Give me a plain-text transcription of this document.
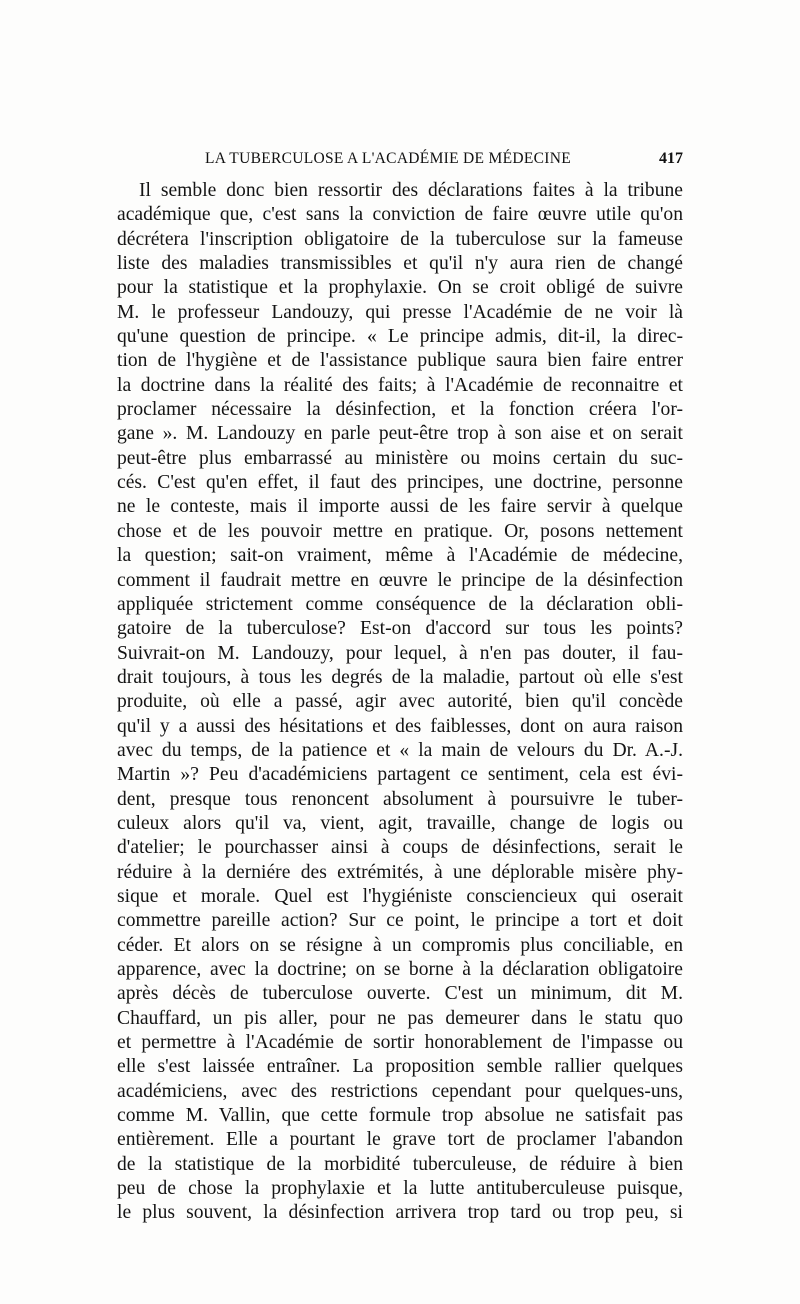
LA TUBERCULOSE A L'ACADÉMIE DE MÉDECINE	417
Il semble donc bien ressortir des déclarations faites à la tribune
académique que, c'est sans la conviction de faire œuvre utile qu'on
décrétera l'inscription obligatoire de la tuberculose sur la fameuse
liste des maladies transmissibles et qu'il n'y aura rien de changé
pour la statistique et la prophylaxie. On se croit obligé de suivre
M. le professeur Landouzy, qui presse l'Académie de ne voir là
qu'une question de principe. « Le principe admis, dit-il, la direc-
tion de l'hygiène et de l'assistance publique saura bien faire entrer
la doctrine dans la réalité des faits; à l'Académie de reconnaitre et
proclamer nécessaire la désinfection, et la fonction créera l'or-
gane ». M. Landouzy en parle peut-être trop à son aise et on serait
peut-être plus embarrassé au ministère ou moins certain du suc-
cés. C'est qu'en effet, il faut des principes, une doctrine, personne
ne le conteste, mais il importe aussi de les faire servir à quelque
chose et de les pouvoir mettre en pratique. Or, posons nettement
la question; sait-on vraiment, même à l'Académie de médecine,
comment il faudrait mettre en œuvre le principe de la désinfection
appliquée strictement comme conséquence de la déclaration obli-
gatoire de la tuberculose? Est-on d'accord sur tous les points?
Suivrait-on M. Landouzy, pour lequel, à n'en pas douter, il fau-
drait toujours, à tous les degrés de la maladie, partout où elle s'est
produite, où elle a passé, agir avec autorité, bien qu'il concède
qu'il y a aussi des hésitations et des faiblesses, dont on aura raison
avec du temps, de la patience et « la main de velours du Dr. A.-J.
Martin »? Peu d'académiciens partagent ce sentiment, cela est évi-
dent, presque tous renoncent absolument à poursuivre le tuber-
culeux alors qu'il va, vient, agit, travaille, change de logis ou
d'atelier; le pourchasser ainsi à coups de désinfections, serait le
réduire à la derniére des extrémités, à une déplorable misère phy-
sique et morale. Quel est l'hygiéniste consciencieux qui oserait
commettre pareille action? Sur ce point, le principe a tort et doit
céder. Et alors on se résigne à un compromis plus conciliable, en
apparence, avec la doctrine; on se borne à la déclaration obligatoire
après décès de tuberculose ouverte. C'est un minimum, dit M.
Chauffard, un pis aller, pour ne pas demeurer dans le statu quo
et permettre à l'Académie de sortir honorablement de l'impasse ou
elle s'est laissée entraîner. La proposition semble rallier quelques
académiciens, avec des restrictions cependant pour quelques-uns,
comme M. Vallin, que cette formule trop absolue ne satisfait pas
entièrement. Elle a pourtant le grave tort de proclamer l'abandon
de la statistique de la morbidité tuberculeuse, de réduire à bien
peu de chose la prophylaxie et la lutte antituberculeuse puisque,
le plus souvent, la désinfection arrivera trop tard ou trop peu, si
